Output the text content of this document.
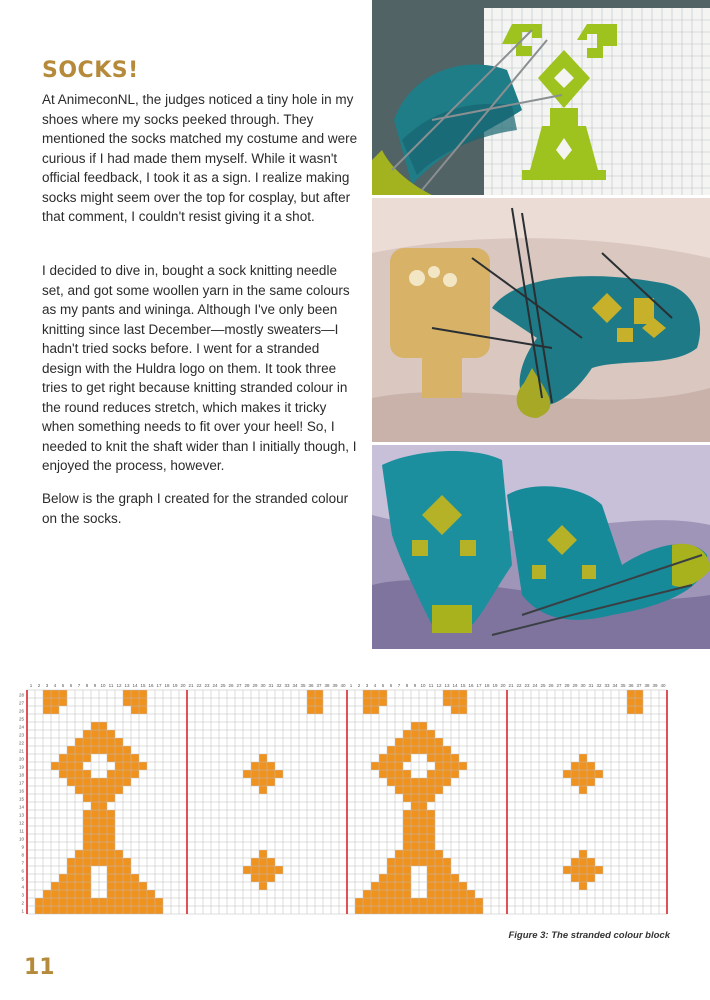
SOCKS!

At AnimeconNL, the judges noticed a tiny hole in my shoes where my socks peeked through. They mentioned the socks matched my costume and were curious if I had made them myself. While it wasn't official feedback, I took it as a sign. I realize making socks might seem over the top for cosplay, but after that comment, I couldn't resist giving it a shot.

I decided to dive in, bought a sock knitting needle set, and got some woollen yarn in the same colours as my pants and wininga. Although I've only been knitting since last December—mostly sweaters—I hadn't tried socks before. I went for a stranded design with the Huldra logo on them. It took three tries to get right because knitting stranded colour in the round reduces stretch, which makes it tricky when something needs to fit over your heel! So, I needed to knit the shaft wider than I initially though, I enjoyed the process, however.

Below is the graph I created for the stranded colour on the socks.

1 2 3 4 5 6 7 8 9 10 11 12 13 14 15 16 17 18 19 20 21 22 23 24 25 26 27 28 29 30 31 32 33 34 35 36 37 38 39 40 1 2 3 4 5 6 7 8 9 10 11 12 13 14 15 16 17 18 19 20 21 22 23 24 25 26 27 28 29 30 31 32 33 34 35 36 37 38 39 40
28
27
26
25
24
23
22
21
20
19
18
17
16
15
14
13
12
11
10
9
8
7
6
5
4
3
2
1

Figure 3: The stranded colour block

11
